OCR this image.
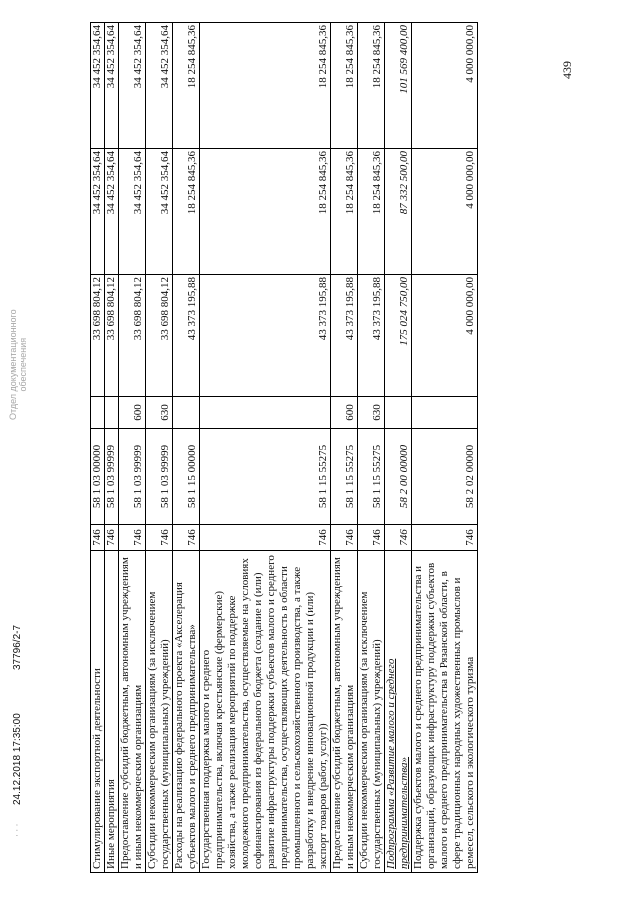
439
Стимулирование экспортной деятельности	746	58 1 03 00000		33 698 804,12	34 452 354,64	34 452 354,64
Иные мероприятия	746	58 1 03 99999		33 698 804,12	34 452 354,64	34 452 354,64
Предоставление субсидий бюджетным, автономным учреждениям и иным некоммерческим организациям	746	58 1 03 99999	600	33 698 804,12	34 452 354,64	34 452 354,64
Субсидии некоммерческим организациям (за исключением государственных (муниципальных) учреждений)	746	58 1 03 99999	630	33 698 804,12	34 452 354,64	34 452 354,64
Расходы на реализацию федерального проекта «Акселерация субъектов малого и среднего предпринимательства»	746	58 1 15 00000		43 373 195,88	18 254 845,36	18 254 845,36
Государственная поддержка малого и среднего предпринимательства, включая крестьянские (фермерские) хозяйства, а также реализация мероприятий по поддержке молодежного предпринимательства, осуществляемые на условиях софинансирования из федерального бюджета (создание и (или) развитие инфраструктуры поддержки субъектов малого и среднего предпринимательства, осуществляющих деятельность в области промышленного и сельскохозяйственного производства, а также разработку и внедрение инновационной продукции и (или) экспорт товаров (работ, услуг))	746	58 1 15 55275		43 373 195,88	18 254 845,36	18 254 845,36
Предоставление субсидий бюджетным, автономным учреждениям и иным некоммерческим организациям	746	58 1 15 55275	600	43 373 195,88	18 254 845,36	18 254 845,36
Субсидии некоммерческим организациям (за исключением государственных (муниципальных) учреждений)	746	58 1 15 55275	630	43 373 195,88	18 254 845,36	18 254 845,36
Подпрограмма «Развитие малого и среднего предпринимательства»	746	58 2 00 00000		175 024 750,00	87 332 500,00	101 569 400,00
Поддержка субъектов малого и среднего предпринимательства и организаций, образующих инфраструктуру поддержки субъектов малого и среднего предпринимательства в Рязанской области, в сфере традиционных народных художественных промыслов и ремесел, сельского и экологического туризма	746	58 2 02 00000		4 000 000,00	4 000 000,00	4 000 000,00
· · ·
24.12.2018 17:35:00
37796/2-7
Отдел документационного обеспечения
